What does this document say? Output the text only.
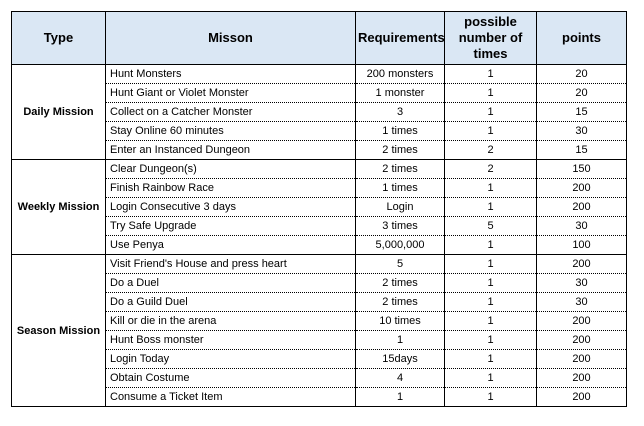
Type	Misson	Requirements	possible number of times	points
Daily Mission	Hunt Monsters	200 monsters	1	20
	Hunt Giant or Violet Monster	1 monster	1	20
	Collect on a Catcher Monster	3	1	15
	Stay Online 60 minutes	1 times	1	30
	Enter an Instanced Dungeon	2 times	2	15
Weekly Mission	Clear Dungeon(s)	2 times	2	150
	Finish Rainbow Race	1 times	1	200
	Login Consecutive 3 days	Login	1	200
	Try Safe Upgrade	3 times	5	30
	Use Penya	5,000,000	1	100
Season Mission	Visit Friend's House and press heart	5	1	200
	Do a Duel	2 times	1	30
	Do a Guild Duel	2 times	1	30
	Kill or die in the arena	10 times	1	200
	Hunt Boss monster	1	1	200
	Login Today	15days	1	200
	Obtain Costume	4	1	200
	Consume a Ticket Item	1	1	200
